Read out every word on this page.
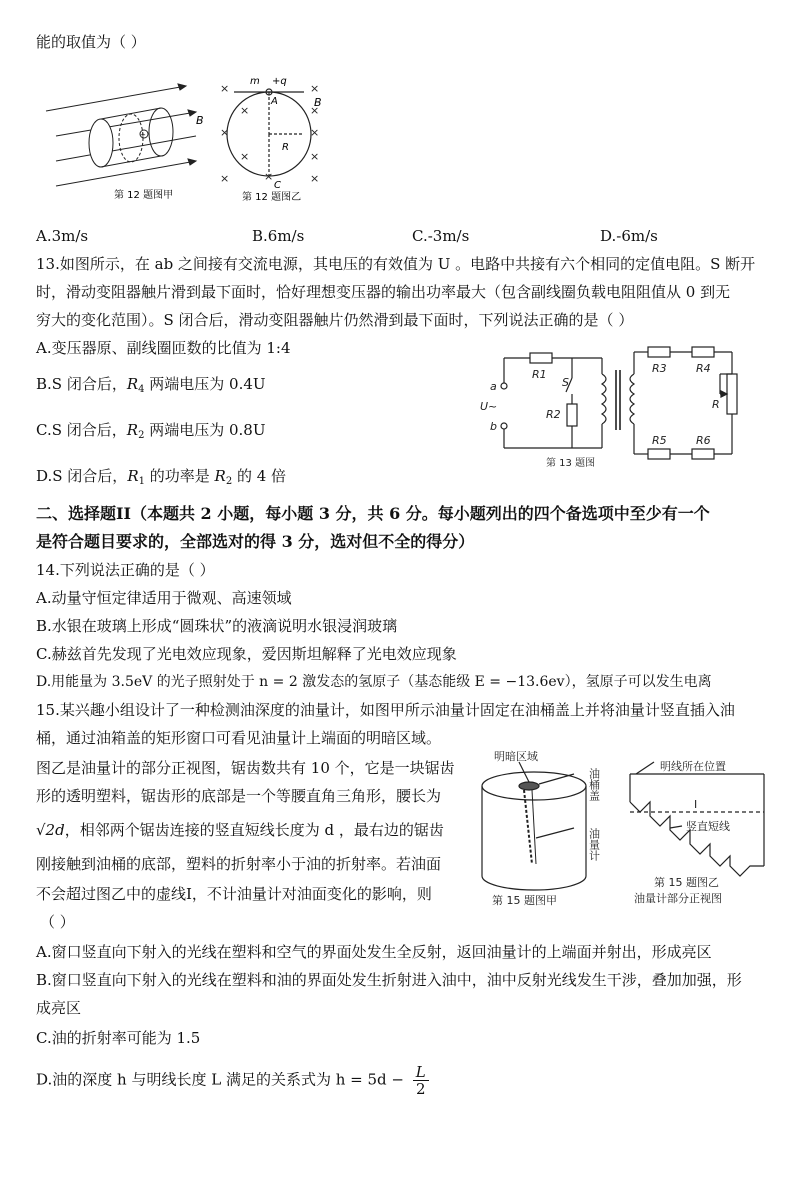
能的取值为（ ）
+
B
第 12 题图甲
×	×
×	×
×	×
×
×
×
×
×
m +q
A
C
R
B
第 12 题图乙
A.3m/s	B.6m/s	C.-3m/s	D.-6m/s
13.如图所示，在 ab 之间接有交流电源，其电压的有效值为 U 。电路中共接有六个相同的定值电阻。S 断开
时，滑动变阻器触片滑到最下面时，恰好理想变压器的输出功率最大（包含副线圈负载电阻阻值从 0 到无
穷大的变化范围）。S 闭合后，滑动变阻器触片仍然滑到最下面时，下列说法正确的是（ ）
A.变压器原、副线圈匝数的比值为 1:4
B.S 闭合后，$R_4$ 两端电压为 0.4U
C.S 闭合后，$R_2$ 两端电压为 0.8U
D.S 闭合后，$R_1$ 的功率是 $R_2$ 的 4 倍
a
b
U~
R1
S
R2
R3	R4
R
R5	R6
第 13 题图
二、选择题II（本题共 2 小题，每小题 3 分，共 6 分。每小题列出的四个备选项中至少有一个
是符合题目要求的，全部选对的得 3 分，选对但不全的得分）
14.下列说法正确的是（ ）
A.动量守恒定律适用于微观、高速领域
B.水银在玻璃上形成“圆珠状”的液滴说明水银浸润玻璃
C.赫兹首先发现了光电效应现象，爱因斯坦解释了光电效应现象
D.用能量为 3.5eV 的光子照射处于 n = 2 激发态的氢原子（基态能级 E = −13.6ev），氢原子可以发生电离
15.某兴趣小组设计了一种检测油深度的油量计，如图甲所示油量计固定在油桶盖上并将油量计竖直插入油
桶，通过油箱盖的矩形窗口可看见油量计上端面的明暗区域。
图乙是油量计的部分正视图，锯齿数共有 10 个，它是一块锯齿
形的透明塑料，锯齿形的底部是一个等腰直角三角形，腰长为
√2d，相邻两个锯齿连接的竖直短线长度为 d ，最右边的锯齿
刚接触到油桶的底部，塑料的折射率小于油的折射率。若油面
不会超过图乙中的虚线I，不计油量计对油面变化的影响，则
（ ）
明暗区域
油桶盖
油量计
第 15 题图甲
明线所在位置
I
竖直短线
第 15 题图乙
油量计部分正视图
A.窗口竖直向下射入的光线在塑料和空气的界面处发生全反射，返回油量计的上端面并射出，形成亮区
B.窗口竖直向下射入的光线在塑料和油的界面处发生折射进入油中，油中反射光线发生干涉，叠加加强，形
成亮区
C.油的折射率可能为 1.5
D.油的深度 h 与明线长度 L 满足的关系式为 $h = 5d - \frac{L}{2}$
